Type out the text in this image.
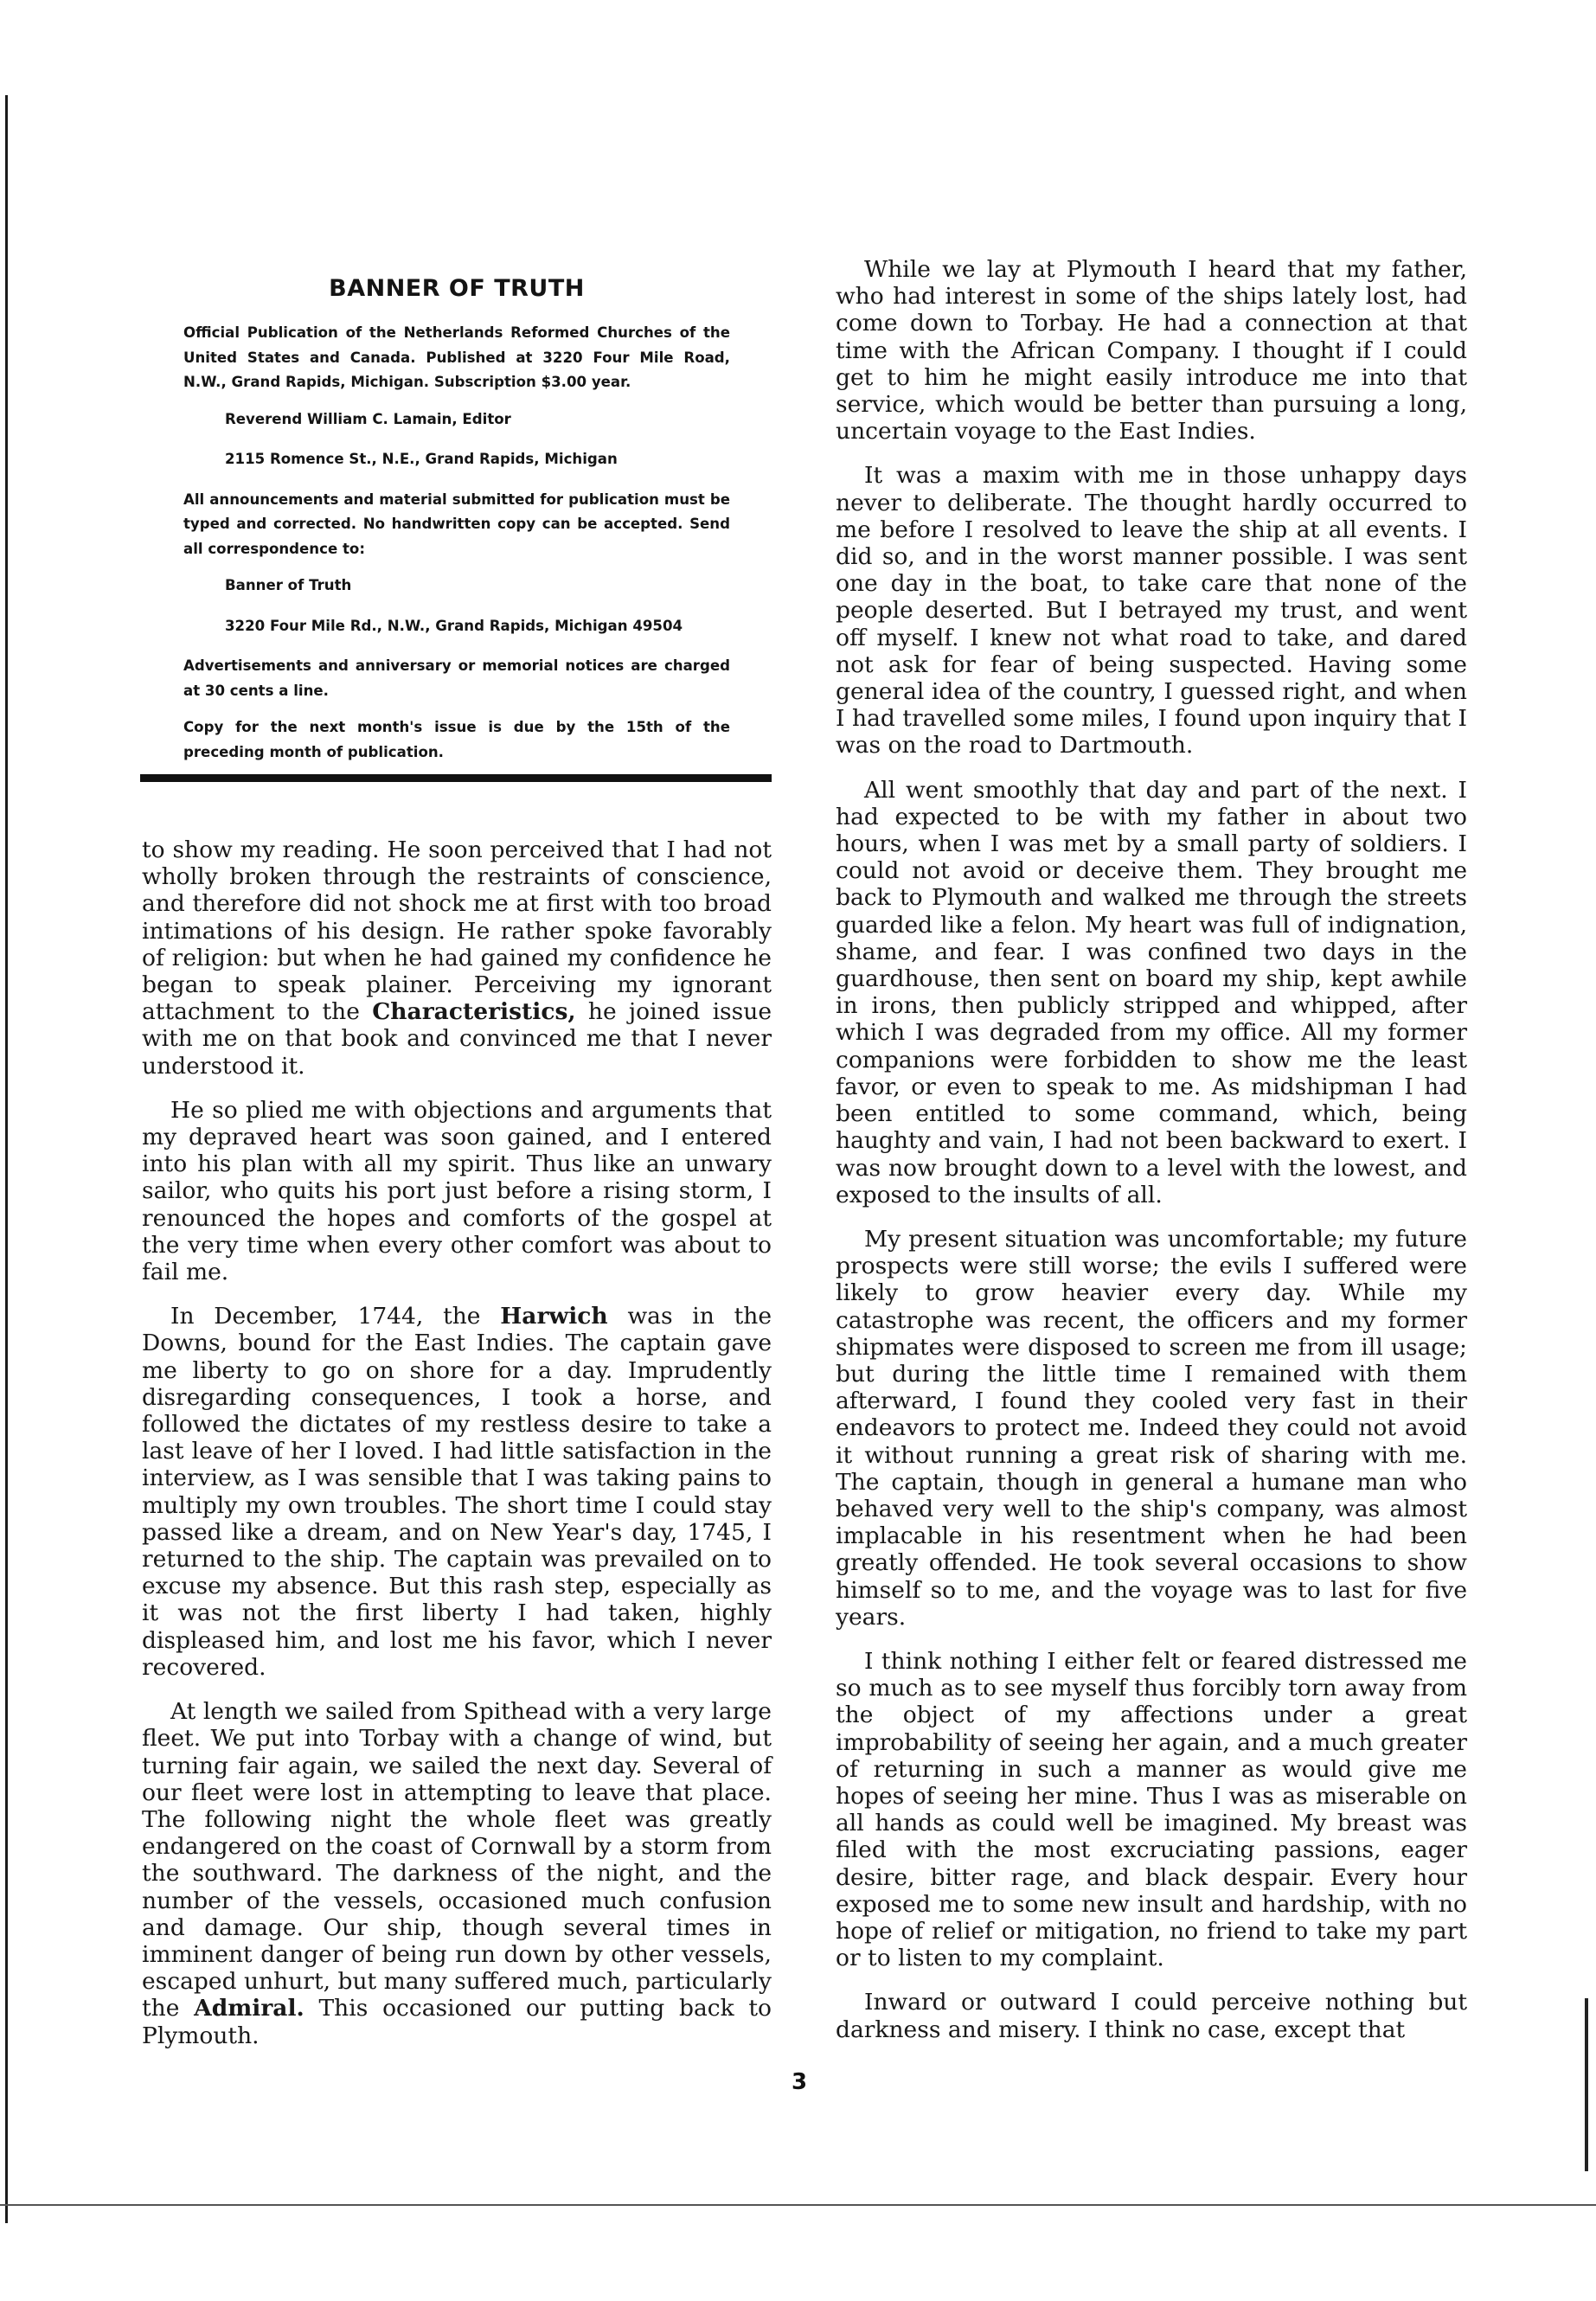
BANNER OF TRUTH

Official Publication of the Netherlands Reformed Churches of the United States and Canada. Published at 3220 Four Mile Road, N.W., Grand Rapids, Michigan. Subscription $3.00 year.

Reverend William C. Lamain, Editor

2115 Romence St., N.E., Grand Rapids, Michigan

All announcements and material submitted for publication must be typed and corrected. No handwritten copy can be accepted. Send all correspondence to:

Banner of Truth

3220 Four Mile Rd., N.W., Grand Rapids, Michigan 49504

Advertisements and anniversary or memorial notices are charged at 30 cents a line.

Copy for the next month's issue is due by the 15th of the preceding month of publication.

to show my reading. He soon perceived that I had not wholly broken through the restraints of conscience, and therefore did not shock me at first with too broad intimations of his design. He rather spoke favorably of religion: but when he had gained my confidence he began to speak plainer. Perceiving my ignorant attachment to the Characteristics, he joined issue with me on that book and convinced me that I never understood it.

He so plied me with objections and arguments that my depraved heart was soon gained, and I entered into his plan with all my spirit. Thus like an unwary sailor, who quits his port just before a rising storm, I renounced the hopes and comforts of the gospel at the very time when every other comfort was about to fail me.

In December, 1744, the Harwich was in the Downs, bound for the East Indies. The captain gave me liberty to go on shore for a day. Imprudently disregarding consequences, I took a horse, and followed the dictates of my restless desire to take a last leave of her I loved. I had little satisfaction in the interview, as I was sensible that I was taking pains to multiply my own troubles. The short time I could stay passed like a dream, and on New Year's day, 1745, I returned to the ship. The captain was prevailed on to excuse my absence. But this rash step, especially as it was not the first liberty I had taken, highly displeased him, and lost me his favor, which I never recovered.

At length we sailed from Spithead with a very large fleet. We put into Torbay with a change of wind, but turning fair again, we sailed the next day. Several of our fleet were lost in attempting to leave that place. The following night the whole fleet was greatly endangered on the coast of Cornwall by a storm from the southward. The darkness of the night, and the number of the vessels, occasioned much confusion and damage. Our ship, though several times in imminent danger of being run down by other vessels, escaped unhurt, but many suffered much, particularly the Admiral. This occasioned our putting back to Plymouth.

While we lay at Plymouth I heard that my father, who had interest in some of the ships lately lost, had come down to Torbay. He had a connection at that time with the African Company. I thought if I could get to him he might easily introduce me into that service, which would be better than pursuing a long, uncertain voyage to the East Indies.

It was a maxim with me in those unhappy days never to deliberate. The thought hardly occurred to me before I resolved to leave the ship at all events. I did so, and in the worst manner possible. I was sent one day in the boat, to take care that none of the people deserted. But I betrayed my trust, and went off myself. I knew not what road to take, and dared not ask for fear of being suspected. Having some general idea of the country, I guessed right, and when I had travelled some miles, I found upon inquiry that I was on the road to Dartmouth.

All went smoothly that day and part of the next. I had expected to be with my father in about two hours, when I was met by a small party of soldiers. I could not avoid or deceive them. They brought me back to Plymouth and walked me through the streets guarded like a felon. My heart was full of indignation, shame, and fear. I was confined two days in the guardhouse, then sent on board my ship, kept awhile in irons, then publicly stripped and whipped, after which I was degraded from my office. All my former companions were forbidden to show me the least favor, or even to speak to me. As midshipman I had been entitled to some command, which, being haughty and vain, I had not been backward to exert. I was now brought down to a level with the lowest, and exposed to the insults of all.

My present situation was uncomfortable; my future prospects were still worse; the evils I suffered were likely to grow heavier every day. While my catastrophe was recent, the officers and my former shipmates were disposed to screen me from ill usage; but during the little time I remained with them afterward, I found they cooled very fast in their endeavors to protect me. Indeed they could not avoid it without running a great risk of sharing with me. The captain, though in general a humane man who behaved very well to the ship's company, was almost implacable in his resentment when he had been greatly offended. He took several occasions to show himself so to me, and the voyage was to last for five years.

I think nothing I either felt or feared distressed me so much as to see myself thus forcibly torn away from the object of my affections under a great improbability of seeing her again, and a much greater of returning in such a manner as would give me hopes of seeing her mine. Thus I was as miserable on all hands as could well be imagined. My breast was filed with the most excruciating passions, eager desire, bitter rage, and black despair. Every hour exposed me to some new insult and hardship, with no hope of relief or mitigation, no friend to take my part or to listen to my complaint.

Inward or outward I could perceive nothing but darkness and misery. I think no case, except that

3
